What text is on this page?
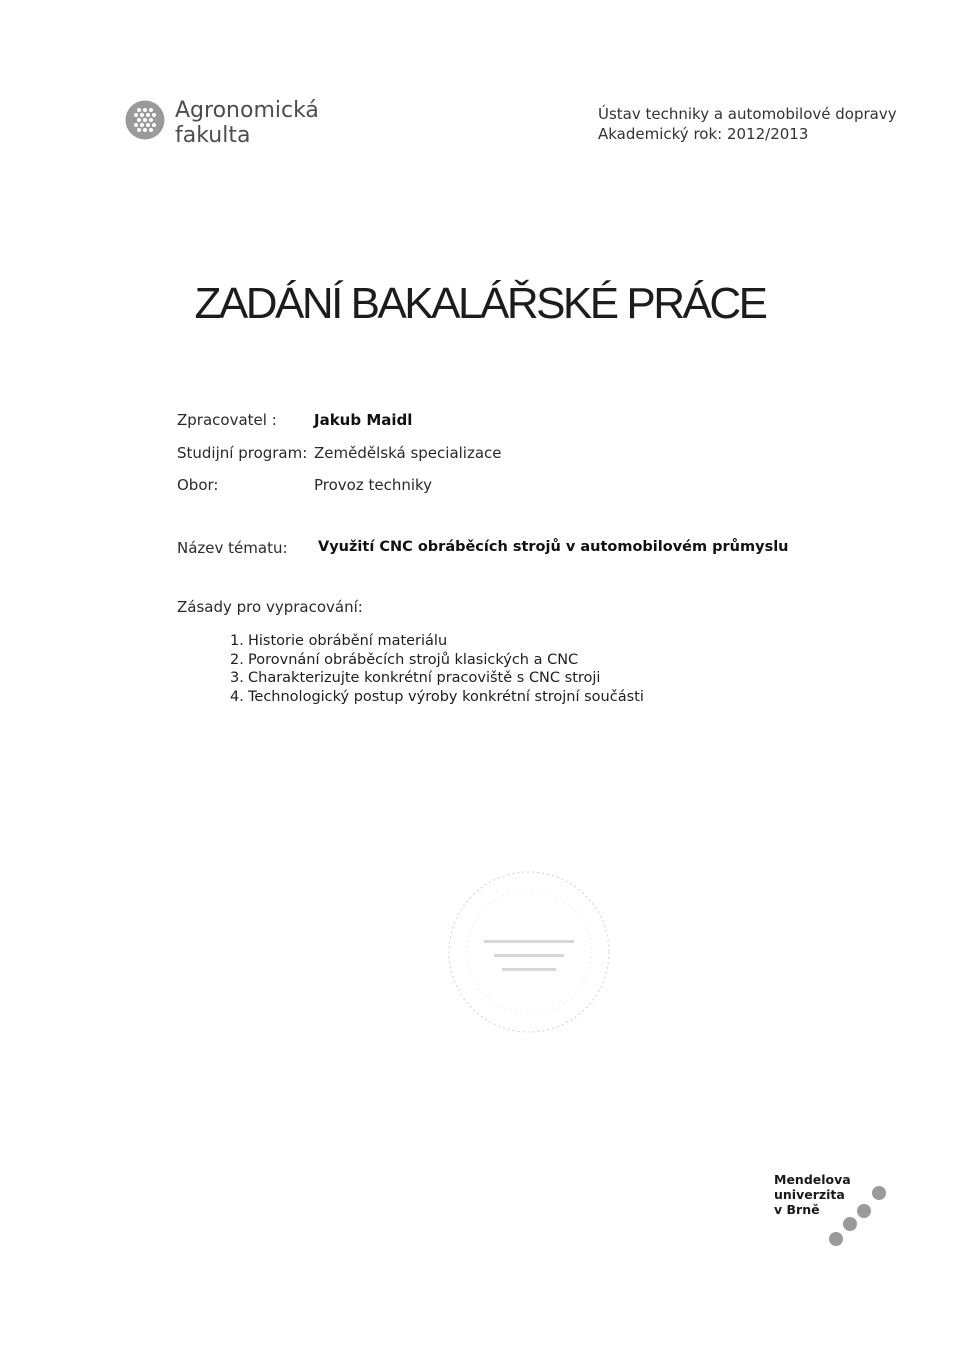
Agronomická
fakulta
Ústav techniky a automobilové dopravy
Akademický rok: 2012/2013
ZADÁNÍ BAKALÁŘSKÉ PRÁCE
Zpracovatel : Jakub Maidl
Studijní program: Zemědělská specializace
Obor:	Provoz techniky
Název tématu: Využití CNC obráběcích strojů v automobilovém průmyslu
Zásady pro vypracování:
1. Historie obrábění materiálu
2. Porovnání obráběcích strojů klasických a CNC
3. Charakterizujte konkrétní pracoviště s CNC stroji
4. Technologický postup výroby konkrétní strojní součásti
Mendelova
univerzita
v Brně
